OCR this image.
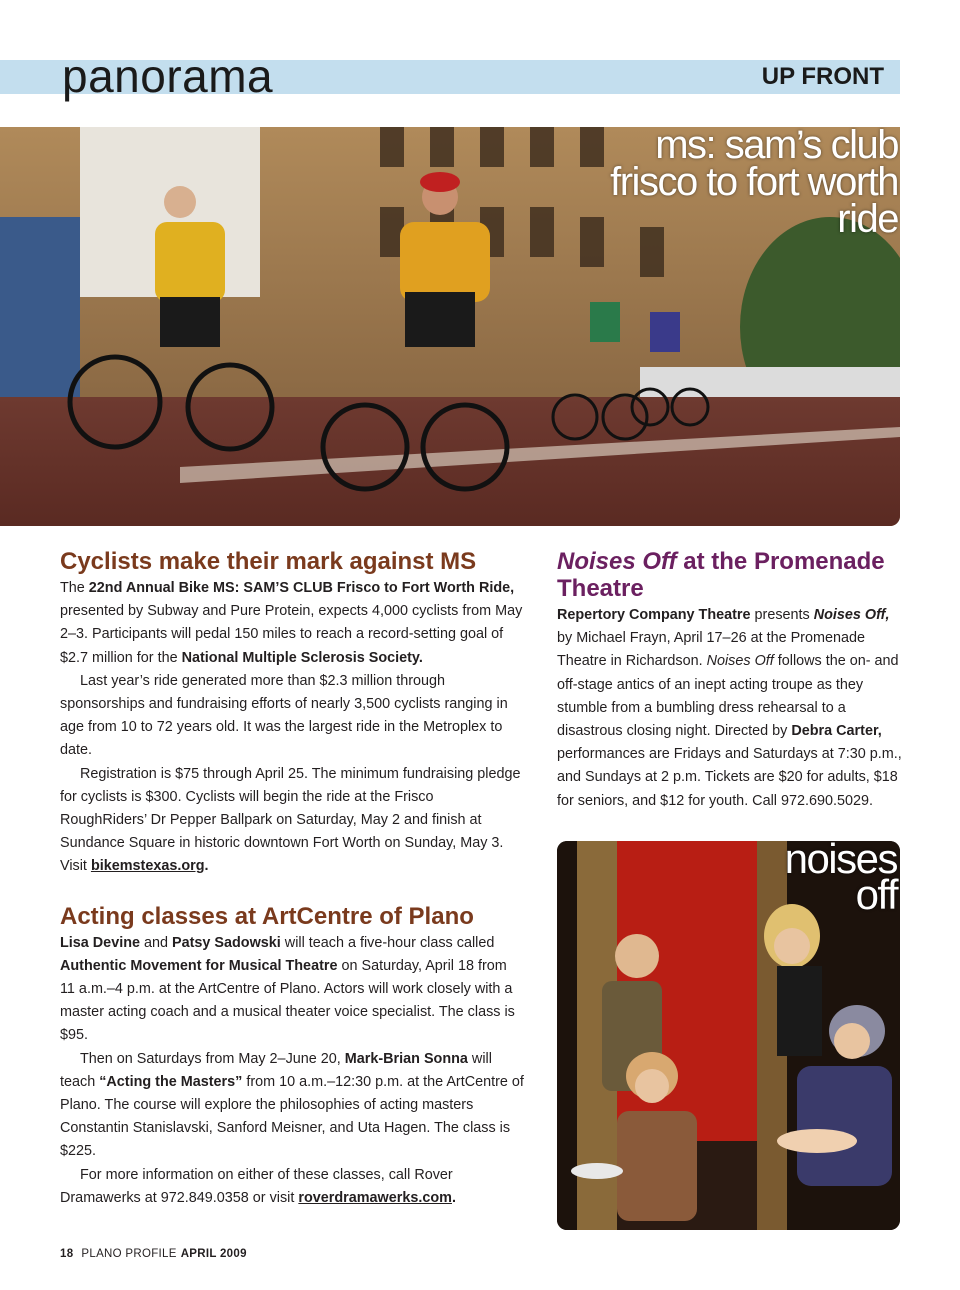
panorama	UP FRONT
ms: sam’s club
frisco to fort worth
ride
Cyclists make their mark against MS

The 22nd Annual Bike MS: SAM’S CLUB Frisco to Fort Worth Ride, presented by Subway and Pure Protein, expects 4,000 cyclists from May 2–3. Participants will pedal 150 miles to reach a record-setting goal of $2.7 million for the National Multiple Sclerosis Society.

Last year’s ride generated more than $2.3 million through sponsorships and fundraising efforts of nearly 3,500 cyclists ranging in age from 10 to 72 years old. It was the largest ride in the Metroplex to date.

Registration is $75 through April 25. The minimum fundraising pledge for cyclists is $300. Cyclists will begin the ride at the Frisco RoughRiders’ Dr Pepper Ballpark on Saturday, May 2 and finish at Sundance Square in historic downtown Fort Worth on Sunday, May 3. Visit bikemstexas.org.

Acting classes at ArtCentre of Plano

Lisa Devine and Patsy Sadowski will teach a five-hour class called Authentic Movement for Musical Theatre on Saturday, April 18 from 11 a.m.–4 p.m. at the ArtCentre of Plano. Actors will work closely with a master acting coach and a musical theater voice specialist. The class is $95.

Then on Saturdays from May 2–June 20, Mark-Brian Sonna will teach “Acting the Masters” from 10 a.m.–12:30 p.m. at the ArtCentre of Plano. The course will explore the philosophies of acting masters Constantin Stanislavski, Sanford Meisner, and Uta Hagen. The class is $225.

For more information on either of these classes, call Rover Dramawerks at 972.849.0358 or visit roverdramawerks.com.

Noises Off at the Promenade Theatre

Repertory Company Theatre presents Noises Off, by Michael Frayn, April 17–26 at the Promenade Theatre in Richardson. Noises Off follows the on- and off-stage antics of an inept acting troupe as they stumble from a bumbling dress rehearsal to a disastrous closing night. Directed by Debra Carter, performances are Fridays and Saturdays at 7:30 p.m., and Sundays at 2 p.m. Tickets are $20 for adults, $18 for seniors, and $12 for youth. Call 972.690.5029.

noises
off
18 PLANO PROFILE APRIL 2009
